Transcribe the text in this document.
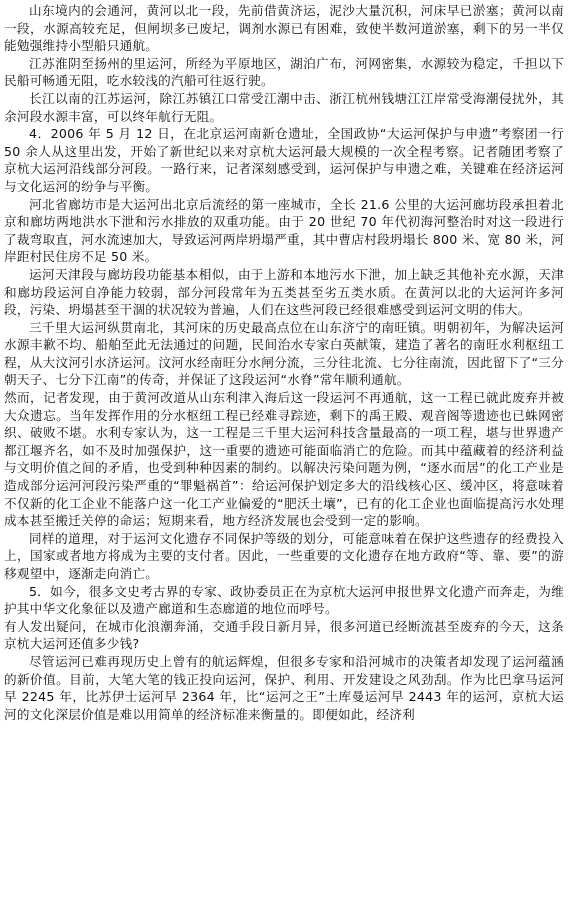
山东境内的会通河，黄河以北一段，先前借黄济运，泥沙大量沉积，河床早已淤塞；黄河以南一段，水源高较充足，但闸坝多已废圮，调剂水源已有困难，致使半数河道淤塞，剩下的另一半仅能勉强维持小型船只通航。

江苏淮阴至扬州的里运河，所经为平原地区，湖泊广布，河网密集，水源较为稳定，千担以下民船可畅通无阻，吃水较浅的汽船可往返行驶。

长江以南的江苏运河，除江苏镇江口常受江潮中击、浙江杭州钱塘江江岸常受海潮侵扰外，其余河段水源丰富，可以终年航行无阻。

4．2006 年 5 月 12 日，在北京运河南新仓遗址，全国政协“大运河保护与申遗”考察团一行 50 余人从这里出发，开始了新世纪以来对京杭大运河最大规模的一次全程考察。记者随团考察了京杭大运河沿线部分河段。一路行来，记者深刻感受到，运河保护与申遗之难，关键难在经济运河与文化运河的纷争与平衡。

河北省廊坊市是大运河出北京后流经的第一座城市，全长 21.6 公里的大运河廊坊段承担着北京和廊坊两地洪水下泄和污水排放的双重功能。由于 20 世纪 70 年代初海河整治时对这一段进行了裁弯取直，河水流速加大，导致运河两岸坍塌严重，其中曹店村段坍塌长 800 米、宽 80 米，河岸距村民住房不足 50 米。

运河天津段与廊坊段功能基本相似，由于上游和本地污水下泄，加上缺乏其他补充水源，天津和廊坊段运河自净能力较弱，部分河段常年为五类甚至劣五类水质。在黄河以北的大运河许多河段，污染、坍塌甚至干涸的状况较为普遍，人们在这些河段已经很难感受到运河文明的伟大。

三千里大运河纵贯南北，其河床的历史最高点位在山东济宁的南旺镇。明朝初年，为解决运河水源丰歉不均、船舶至此无法通过的问题，民间治水专家白英献策，建造了著名的南旺水利枢纽工程，从大汶河引水济运河。汶河水经南旺分水闸分流，三分往北流、七分往南流，因此留下了“三分朝天子、七分下江南”的传奇，并保证了这段运河“水脊”常年顺利通航。

然而，记者发现，由于黄河改道从山东利津入海后这一段运河不再通航，这一工程已就此废弃并被大众遗忘。当年发挥作用的分水枢纽工程已经难寻踪迹，剩下的禹王殿、观音阁等遗迹也已蛛网密织、破败不堪。水利专家认为，这一工程是三千里大运河科技含量最高的一项工程，堪与世界遗产都江堰齐名，如不及时加强保护，这一重要的遗迹可能面临消亡的危险。而其中蕴藏着的经济利益与文明价值之间的矛盾，也受到种种因素的制约。以解决污染问题为例，“逐水而居”的化工产业是造成部分运河河段污染严重的“罪魁祸首”：给运河保护划定多大的沿线核心区、缓冲区，将意味着不仅新的化工企业不能落户这一化工产业偏爱的“肥沃土壤”，已有的化工企业也面临提高污水处理成本甚至搬迁关停的命运；短期来看，地方经济发展也会受到一定的影响。

同样的道理，对于运河文化遗存不同保护等级的划分，可能意味着在保护这些遗存的经费投入上，国家或者地方将成为主要的支付者。因此，一些重要的文化遗存在地方政府“等、靠、要”的游移观望中，逐渐走向消亡。

5．如今，很多文史考古界的专家、政协委员正在为京杭大运河申报世界文化遗产而奔走，为维护其中华文化象征以及遗产廊道和生态廊道的地位而呼号。

有人发出疑问，在城市化浪潮奔涌，交通手段日新月异，很多河道已经断流甚至废弃的今天，这条京杭大运河还值多少钱?

尽管运河已难再现历史上曾有的航运辉煌，但很多专家和沿河城市的决策者却发现了运河蕴涵的新价值。目前，大笔大笔的钱正投向运河，保护、利用、开发建设之风劲刮。作为比巴拿马运河早 2245 年，比苏伊士运河早 2364 年，比“运河之王”土库曼运河早 2443 年的运河，京杭大运河的文化深层价值是难以用简单的经济标准来衡量的。即便如此，经济利
